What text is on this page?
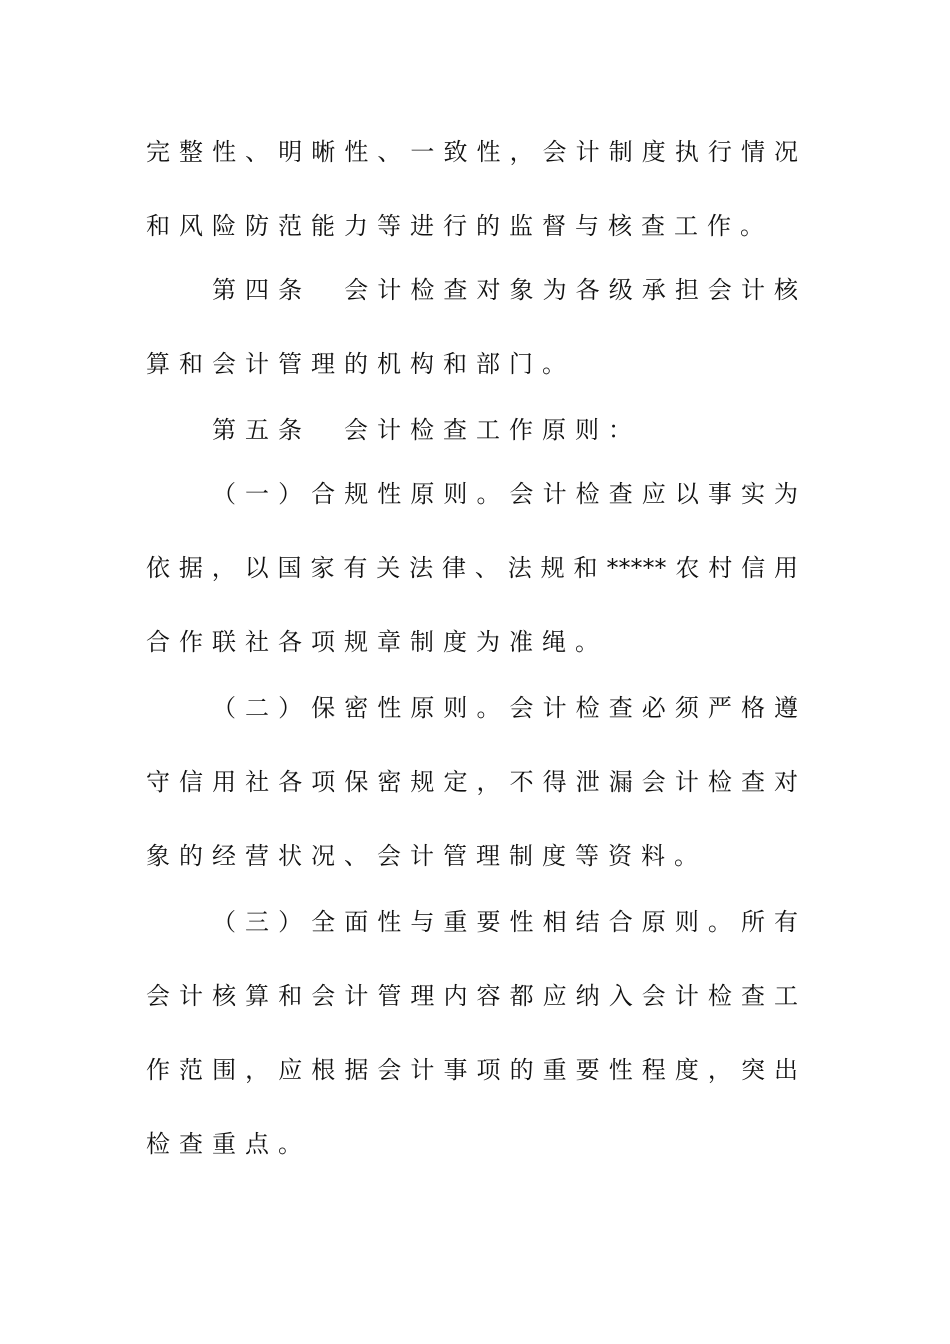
完整性、明晰性、一致性，会计制度执行情况
和风险防范能力等进行的监督与核查工作。
第四条　会计检查对象为各级承担会计核
算和会计管理的机构和部门。
第五条　会计检查工作原则：
（一）合规性原则。会计检查应以事实为
依据，以国家有关法律、法规和*****农村信用
合作联社各项规章制度为准绳。
（二）保密性原则。会计检查必须严格遵
守信用社各项保密规定，不得泄漏会计检查对
象的经营状况、会计管理制度等资料。
（三）全面性与重要性相结合原则。所有
会计核算和会计管理内容都应纳入会计检查工
作范围，应根据会计事项的重要性程度，突出
检查重点。
